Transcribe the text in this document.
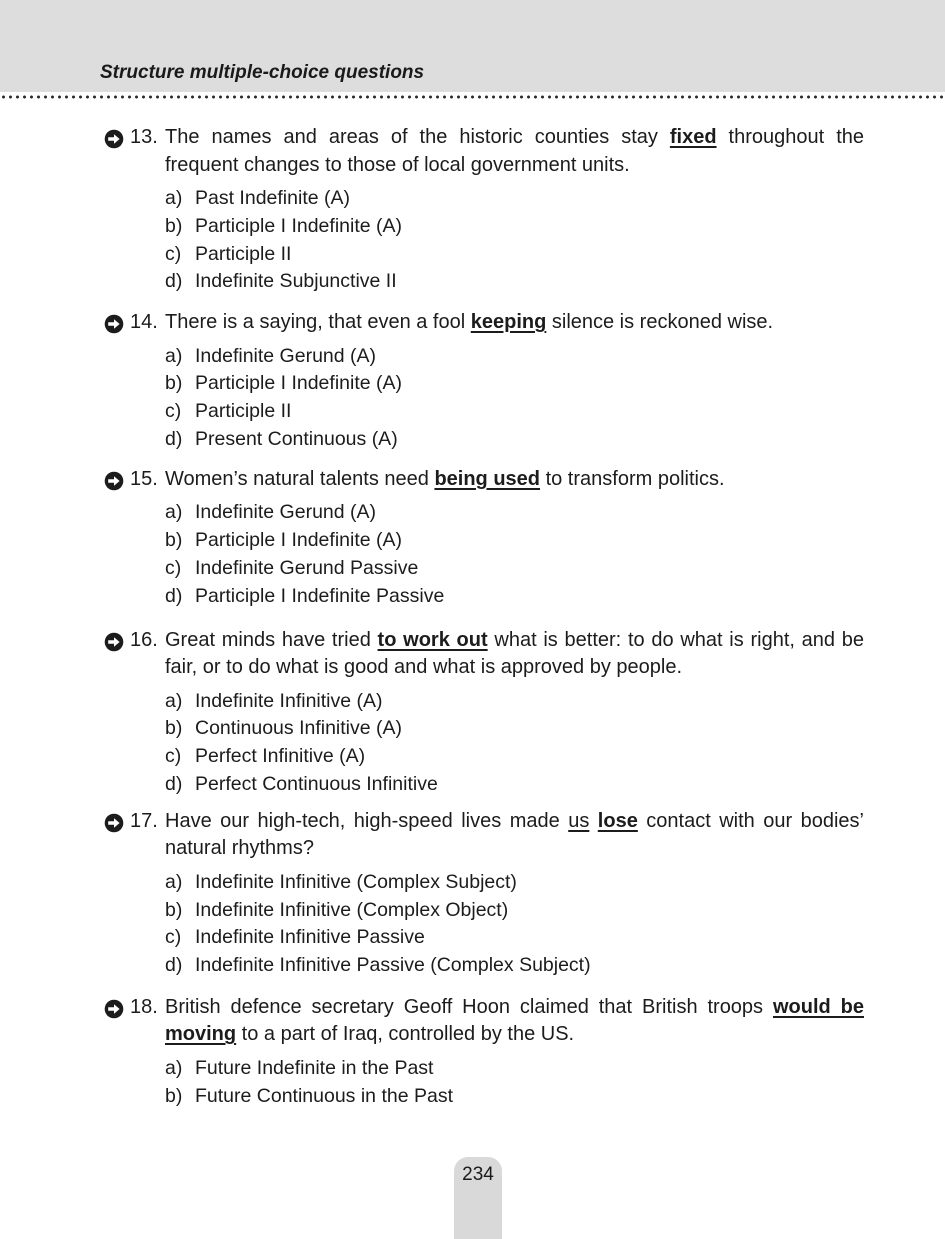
Structure multiple-choice questions
13. The names and areas of the historic counties stay fixed throughout the frequent changes to those of local government units.
a) Past Indefinite (A)
b) Participle I Indefinite (A)
c) Participle II
d) Indefinite Subjunctive II
14. There is a saying, that even a fool keeping silence is reckoned wise.
a) Indefinite Gerund (A)
b) Participle I Indefinite (A)
c) Participle II
d) Present Continuous (A)
15. Women’s natural talents need being used to transform politics.
a) Indefinite Gerund (A)
b) Participle I Indefinite (A)
c) Indefinite Gerund Passive
d) Participle I Indefinite Passive
16. Great minds have tried to work out what is better: to do what is right, and be fair, or to do what is good and what is approved by people.
a) Indefinite Infinitive (A)
b) Continuous Infinitive (A)
c) Perfect Infinitive (A)
d) Perfect Continuous Infinitive
17. Have our high-tech, high-speed lives made us lose contact with our bodies’ natural rhythms?
a) Indefinite Infinitive (Complex Subject)
b) Indefinite Infinitive (Complex Object)
c) Indefinite Infinitive Passive
d) Indefinite Infinitive Passive (Complex Subject)
18. British defence secretary Geoff Hoon claimed that British troops would be moving to a part of Iraq, controlled by the US.
a) Future Indefinite in the Past
b) Future Continuous in the Past
234
